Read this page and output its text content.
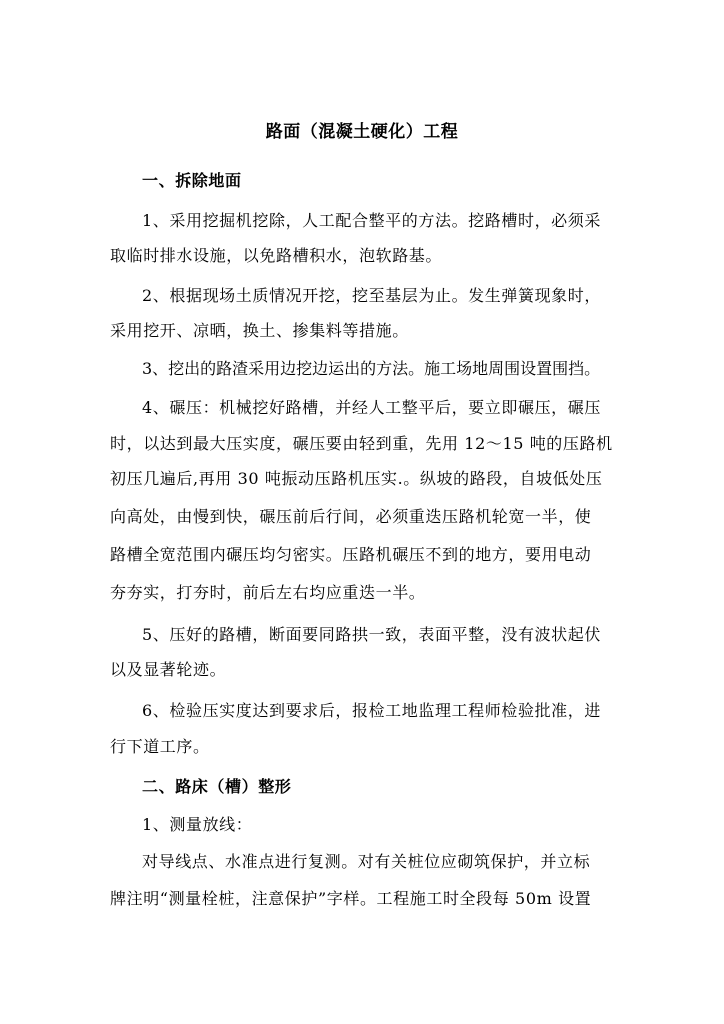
路面（混凝土硬化）工程
一、拆除地面
1、采用挖掘机挖除，人工配合整平的方法。挖路槽时，必须采
取临时排水设施，以免路槽积水，泡软路基。
2、根据现场土质情况开挖，挖至基层为止。发生弹簧现象时，
采用挖开、凉晒，换土、掺集料等措施。
3、挖出的路渣采用边挖边运出的方法。施工场地周围设置围挡。
4、碾压：机械挖好路槽，并经人工整平后，要立即碾压，碾压
时，以达到最大压实度，碾压要由轻到重，先用 12～15 吨的压路机
初压几遍后,再用 30 吨振动压路机压实.。纵坡的路段，自坡低处压
向高处，由慢到快，碾压前后行间，必须重迭压路机轮宽一半，使
路槽全宽范围内碾压均匀密实。压路机碾压不到的地方，要用电动
夯夯实，打夯时，前后左右均应重迭一半。
5、压好的路槽，断面要同路拱一致，表面平整，没有波状起伏
以及显著轮迹。
6、检验压实度达到要求后，报检工地监理工程师检验批准，进
行下道工序。
二、路床（槽）整形
1、测量放线：
对导线点、水准点进行复测。对有关桩位应砌筑保护，并立标
牌注明“测量栓桩，注意保护”字样。工程施工时全段每 50m 设置
